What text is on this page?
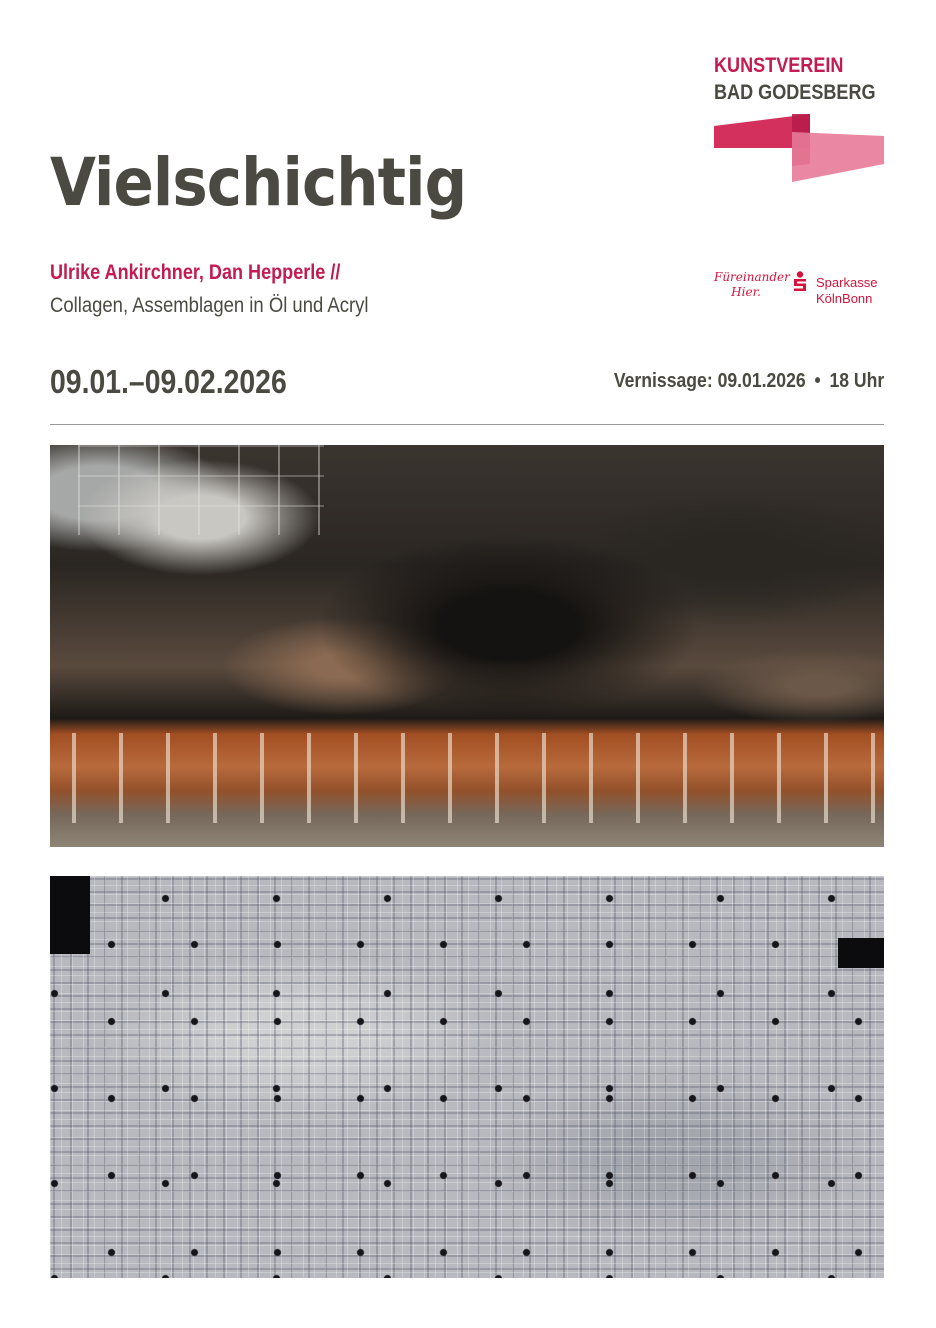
KUNSTVEREIN
BAD GODESBERG
Vielschichtig
Ulrike Ankirchner, Dan Hepperle //
Collagen, Assemblagen in Öl und Acryl
Füreinander
Hier.
Sparkasse
KölnBonn
09.01.–09.02.2026	Vernissage: 09.01.2026 • 18 Uhr
